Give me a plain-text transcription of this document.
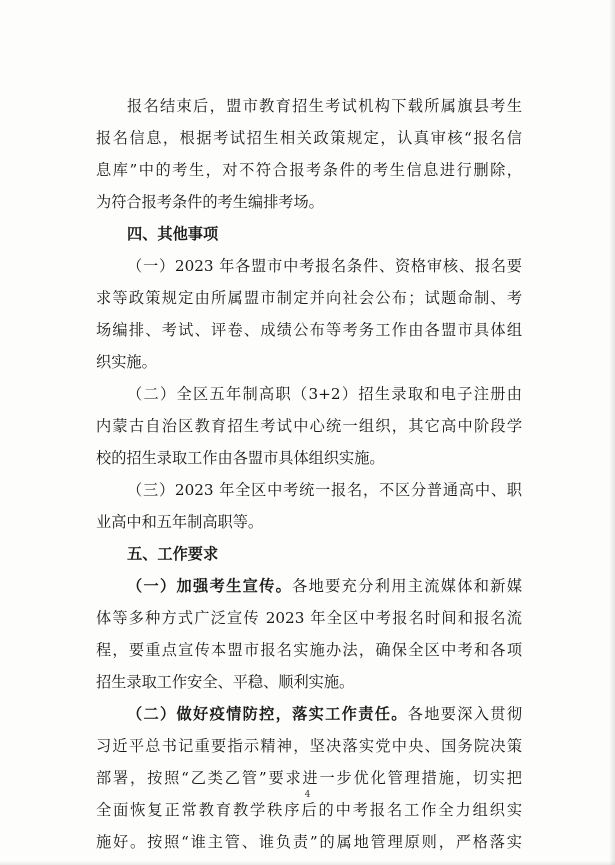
报名结束后，盟市教育招生考试机构下载所属旗县考生
报名信息，根据考试招生相关政策规定，认真审核“报名信
息库”中的考生，对不符合报考条件的考生信息进行删除，
为符合报考条件的考生编排考场。
四、其他事项
（一）2023 年各盟市中考报名条件、资格审核、报名要
求等政策规定由所属盟市制定并向社会公布；试题命制、考
场编排、考试、评卷、成绩公布等考务工作由各盟市具体组
织实施。
（二）全区五年制高职（3+2）招生录取和电子注册由
内蒙古自治区教育招生考试中心统一组织，其它高中阶段学
校的招生录取工作由各盟市具体组织实施。
（三）2023 年全区中考统一报名，不区分普通高中、职
业高中和五年制高职等。
五、工作要求
（一）加强考生宣传。各地要充分利用主流媒体和新媒
体等多种方式广泛宣传 2023 年全区中考报名时间和报名流
程，要重点宣传本盟市报名实施办法，确保全区中考和各项
招生录取工作安全、平稳、顺利实施。
（二）做好疫情防控，落实工作责任。各地要深入贯彻
习近平总书记重要指示精神，坚决落实党中央、国务院决策
部署，按照“乙类乙管”要求进一步优化管理措施，切实把
全面恢复正常教育教学秩序后的中考报名工作全力组织实
施好。按照“谁主管、谁负责”的属地管理原则，严格落实
4
